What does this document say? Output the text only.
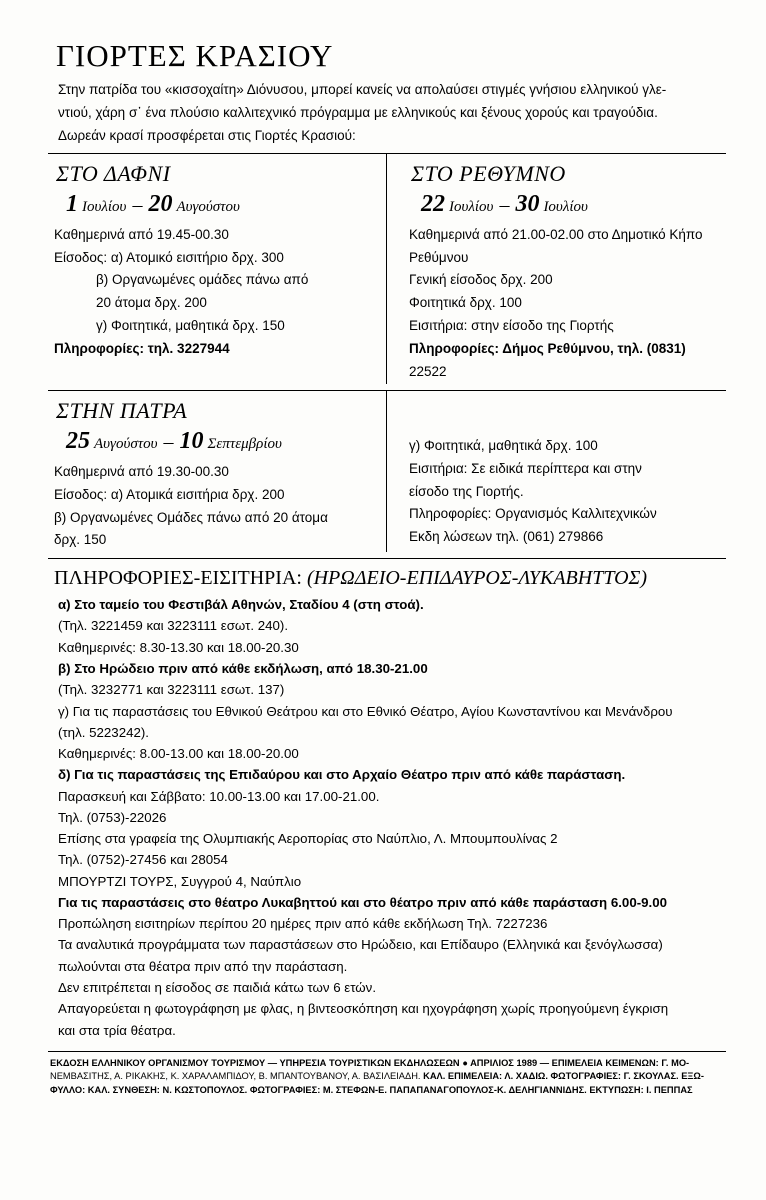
ΓΙΟΡΤΕΣ ΚΡΑΣΙΟΥ

Στην πατρίδα του «κισσοχαίτη» Διόνυσου, μπορεί κανείς να απολαύσει στιγμές γνήσιου ελληνικού γλε-

ντιού, χάρη σ᾿ ένα πλούσιο καλλιτεχνικό πρόγραμμα με ελληνικούς και ξένους χορούς και τραγούδια.

Δωρεάν κρασί προσφέρεται στις Γιορτές Κρασιού:

ΣΤΟ ΔΑΦΝΙ
1 Ιουλίου – 20 Αυγούστου
Καθημερινά από 19.45-00.30
Είσοδος: α) Ατομικό εισιτήριο δρχ. 300
β) Οργανωμένες ομάδες πάνω από
20 άτομα δρχ. 200
γ) Φοιτητικά, μαθητικά δρχ. 150
Πληροφορίες: τηλ. 3227944
ΣΤΟ ΡΕΘΥΜΝΟ
22 Ιουλίου – 30 Ιουλίου
Καθημερινά από 21.00-02.00 στο Δημοτικό Κήπο
Ρεθύμνου
Γενική είσοδος δρχ. 200
Φοιτητικά δρχ. 100
Εισιτήρια: στην είσοδο της Γιορτής
Πληροφορίες: Δήμος Ρεθύμνου, τηλ. (0831)
22522
ΣΤΗΝ ΠΑΤΡΑ
25 Αυγούστου – 10 Σεπτεμβρίου
Καθημερινά από 19.30-00.30
Είσοδος: α) Ατομικά εισιτήρια δρχ. 200
β) Οργανωμένες Ομάδες πάνω από 20 άτομα
δρχ. 150
γ) Φοιτητικά, μαθητικά δρχ. 100
Εισιτήρια: Σε ειδικά περίπτερα και στην
είσοδο της Γιορτής.
Πληροφορίες: Οργανισμός Καλλιτεχνικών
Εκδη λώσεων τηλ. (061) 279866
ΠΛΗΡΟΦΟΡΙΕΣ-ΕΙΣΙΤΗΡΙΑ: (ΗΡΩΔΕΙΟ-ΕΠΙΔΑΥΡΟΣ-ΛΥΚΑΒΗΤΤΟΣ)
α) Στο ταμείο του Φεστιβάλ Αθηνών, Σταδίου 4 (στη στοά).
(Τηλ. 3221459 και 3223111 εσωτ. 240).
Καθημερινές: 8.30-13.30 και 18.00-20.30
β) Στο Ηρώδειο πριν από κάθε εκδήλωση, από 18.30-21.00
(Τηλ. 3232771 και 3223111 εσωτ. 137)
γ) Για τις παραστάσεις του Εθνικού Θεάτρου και στο Εθνικό Θέατρο, Αγίου Κωνσταντίνου και Μενάνδρου
(τηλ. 5223242).
Καθημερινές: 8.00-13.00 και 18.00-20.00
δ) Για τις παραστάσεις της Επιδαύρου και στο Αρχαίο Θέατρο πριν από κάθε παράσταση.
Παρασκευή και Σάββατο: 10.00-13.00 και 17.00-21.00.
Τηλ. (0753)-22026
Επίσης στα γραφεία της Ολυμπιακής Αεροπορίας στο Ναύπλιο, Λ. Μπουμπουλίνας 2
Τηλ. (0752)-27456 και 28054
ΜΠΟΥΡΤΖΙ ΤΟΥΡΣ, Συγγρού 4, Ναύπλιο
Για τις παραστάσεις στο θέατρο Λυκαβηττού και στο θέατρο πριν από κάθε παράσταση 6.00-9.00
Προπώληση εισιτηρίων περίπου 20 ημέρες πριν από κάθε εκδήλωση Τηλ. 7227236
Τα αναλυτικά προγράμματα των παραστάσεων στο Ηρώδειο, και Επίδαυρο (Ελληνικά και ξενόγλωσσα)
πωλούνται στα θέατρα πριν από την παράσταση.
Δεν επιτρέπεται η είσοδος σε παιδιά κάτω των 6 ετών.
Απαγορεύεται η φωτογράφηση με φλας, η βιντεοσκόπηση και ηχογράφηση χωρίς προηγούμενη έγκριση
και στα τρία θέατρα.
ΕΚΔΟΣΗ ΕΛΛΗΝΙΚΟΥ ΟΡΓΑΝΙΣΜΟΥ ΤΟΥΡΙΣΜΟΥ — ΥΠΗΡΕΣΙΑ ΤΟΥΡΙΣΤΙΚΩΝ ΕΚΔΗΛΩΣΕΩΝ ● ΑΠΡΙΛΙΟΣ 1989 — ΕΠΙΜΕΛΕΙΑ ΚΕΙΜΕΝΩΝ: Γ. ΜΟ-
ΝΕΜΒΑΣΙΤΗΣ, Α. ΡΙΚΑΚΗΣ, Κ. ΧΑΡΑΛΑΜΠΙΔΟΥ, Β. ΜΠΑΝΤΟΥΒΑΝΟΥ, Α. ΒΑΣΙΛΕΙΑΔΗ. ΚΑΛ. ΕΠΙΜΕΛΕΙΑ: Λ. ΧΑΔΙΩ. ΦΩΤΟΓΡΑΦΙΕΣ: Γ. ΣΚΟΥΛΑΣ. ΕΞΩ-
ΦΥΛΛΟ: ΚΑΛ. ΣΥΝΘΕΣΗ: Ν. ΚΩΣΤΟΠΟΥΛΟΣ. ΦΩΤΟΓΡΑΦΙΕΣ: Μ. ΣΤΕΦΩΝ-Ε. ΠΑΠΑΠΑΝΑΓΟΠΟΥΛΟΣ-Κ. ΔΕΛΗΓΙΑΝΝΙΔΗΣ. ΕΚΤΥΠΩΣΗ: Ι. ΠΕΠΠΑΣ
